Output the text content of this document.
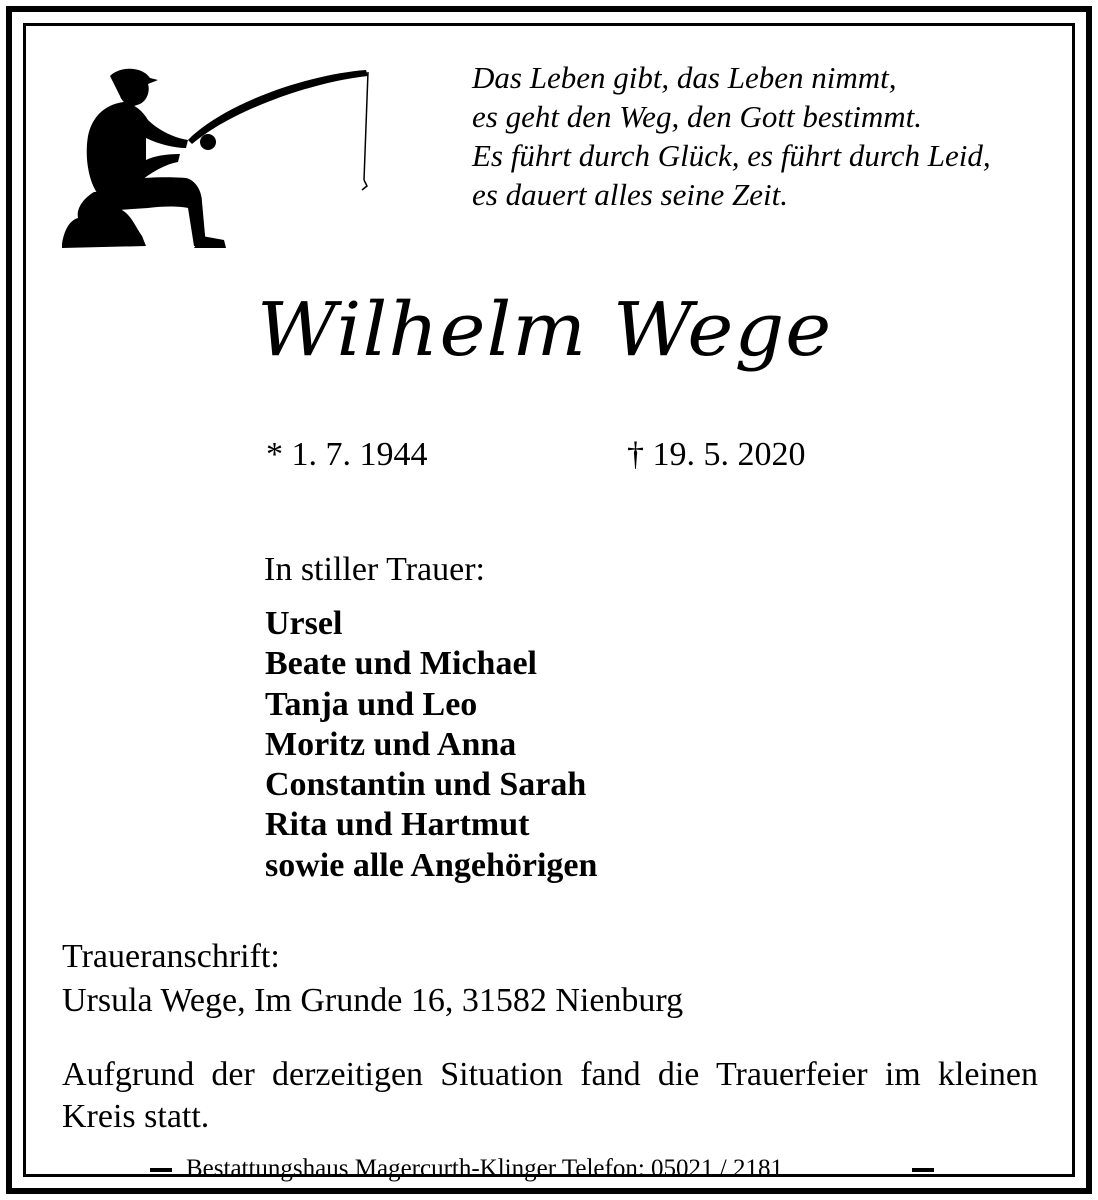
Das Leben gibt, das Leben nimmt,
es geht den Weg, den Gott bestimmt.
Es führt durch Glück, es führt durch Leid,
es dauert alles seine Zeit.
Wilhelm Wege
* 1. 7. 1944	† 19. 5. 2020
In stiller Trauer:
Ursel
Beate und Michael
Tanja und Leo
Moritz und Anna
Constantin und Sarah
Rita und Hartmut
sowie alle Angehörigen
Traueranschrift:
Ursula Wege, Im Grunde 16, 31582 Nienburg
Aufgrund der derzeitigen Situation fand die Trauerfeier im kleinen Kreis statt.
Bestattungshaus Magercurth-Klinger Telefon: 05021 / 2181
